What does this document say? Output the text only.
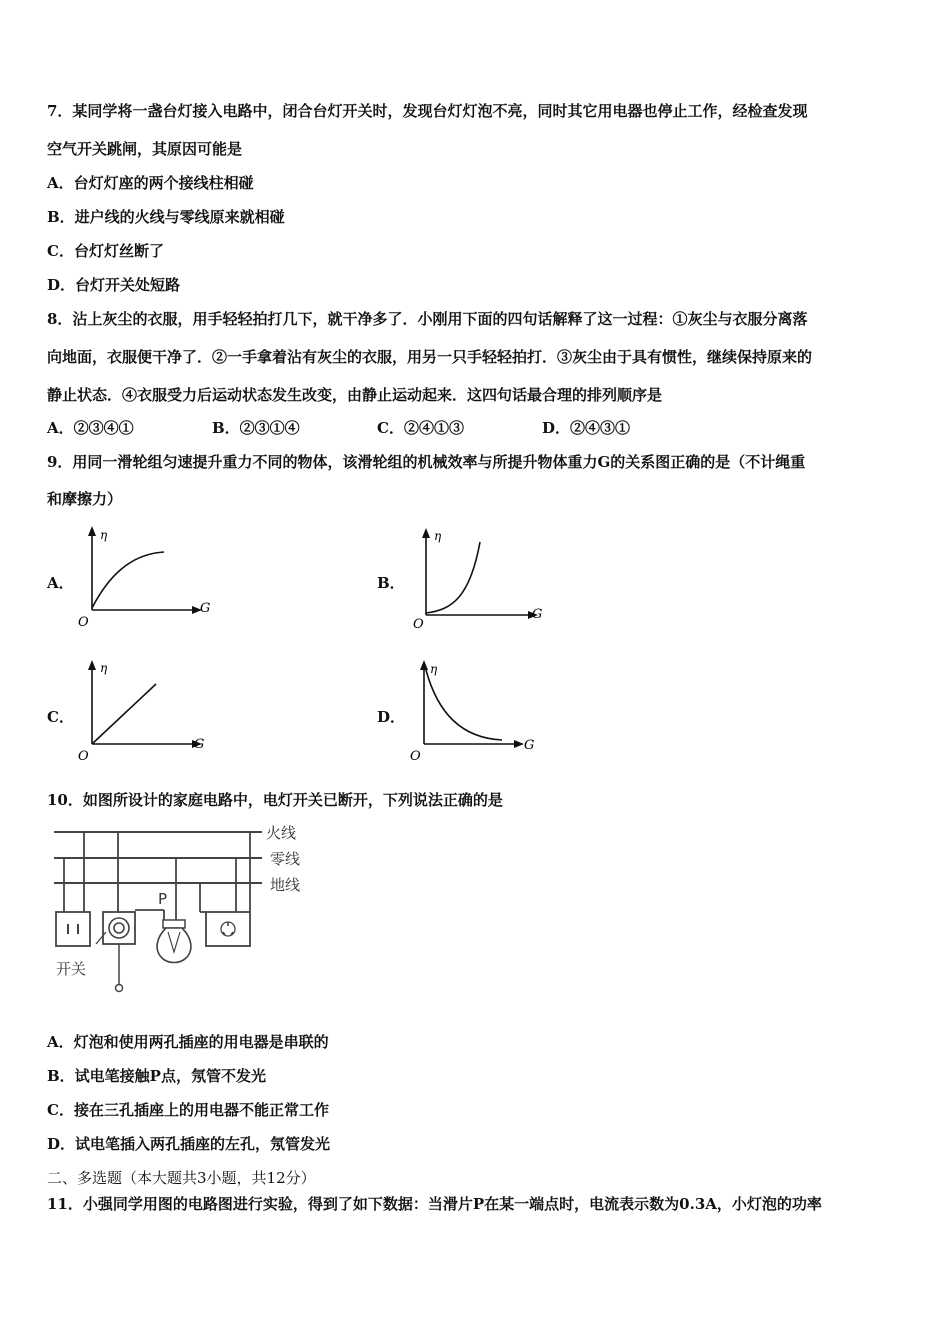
7．某同学将一盏台灯接入电路中，闭合台灯开关时，发现台灯灯泡不亮，同时其它用电器也停止工作，经检查发现
空气开关跳闸，其原因可能是
A．台灯灯座的两个接线柱相碰
B．进户线的火线与零线原来就相碰
C．台灯灯丝断了
D．台灯开关处短路
8．沾上灰尘的衣服，用手轻轻拍打几下，就干净多了．小刚用下面的四句话解释了这一过程：①灰尘与衣服分离落
向地面，衣服便干净了．②一手拿着沾有灰尘的衣服，用另一只手轻轻拍打．③灰尘由于具有惯性，继续保持原来的
静止状态．④衣服受力后运动状态发生改变，由静止运动起来．这四句话最合理的排列顺序是
A．②③④①	B．②③①④	C．②④①③	D．②④③①
9．用同一滑轮组匀速提升重力不同的物体，该滑轮组的机械效率与所提升物体重力G的关系图正确的是（不计绳重
和摩擦力）
A．	B．
C．	D．
η
G
O
η
G
O
η
G
O
η
G
O
10．如图所设计的家庭电路中，电灯开关已断开，下列说法正确的是
火线
零线
地线
开关
P
A．灯泡和使用两孔插座的用电器是串联的
B．试电笔接触P点，氖管不发光
C．接在三孔插座上的用电器不能正常工作
D．试电笔插入两孔插座的左孔，氖管发光
二、多选题（本大题共3小题，共12分）
11．小强同学用图的电路图进行实验，得到了如下数据：当滑片P在某一端点时，电流表示数为0.3A，小灯泡的功率
